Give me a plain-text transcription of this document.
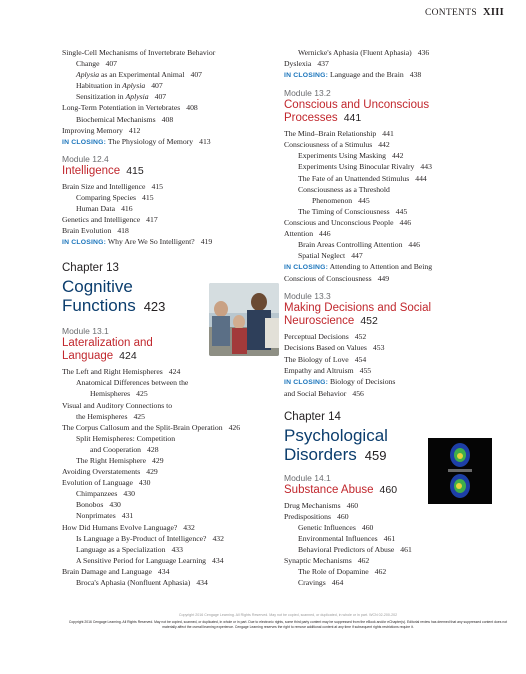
CONTENTS XIII
Single-Cell Mechanisms of Invertebrate Behavior
Change 407
Aplysia as an Experimental Animal 407
Habituation in Aplysia 407
Sensitization in Aplysia 407
Long-Term Potentiation in Vertebrates 408
Biochemical Mechanisms 408
Improving Memory 412
IN CLOSING: The Physiology of Memory 413
Module 12.4
Intelligence 415
Brain Size and Intelligence 415
Comparing Species 415
Human Data 416
Genetics and Intelligence 417
Brain Evolution 418
IN CLOSING: Why Are We So Intelligent? 419
Chapter 13
Cognitive
Functions 423
Module 13.1
Lateralization and
Language 424
The Left and Right Hemispheres 424
Anatomical Differences between the
Hemispheres 425
Visual and Auditory Connections to
the Hemispheres 425
The Corpus Callosum and the Split-Brain Operation 426
Split Hemispheres: Competition
and Cooperation 428
The Right Hemisphere 429
Avoiding Overstatements 429
Evolution of Language 430
Chimpanzees 430
Bonobos 430
Nonprimates 431
How Did Humans Evolve Language? 432
Is Language a By-Product of Intelligence? 432
Language as a Specialization 433
A Sensitive Period for Language Learning 434
Brain Damage and Language 434
Broca's Aphasia (Nonfluent Aphasia) 434
Wernicke's Aphasia (Fluent Aphasia) 436
Dyslexia 437
IN CLOSING: Language and the Brain 438
Module 13.2
Conscious and Unconscious
Processes 441
The Mind–Brain Relationship 441
Consciousness of a Stimulus 442
Experiments Using Masking 442
Experiments Using Binocular Rivalry 443
The Fate of an Unattended Stimulus 444
Consciousness as a Threshold
Phenomenon 445
The Timing of Consciousness 445
Conscious and Unconscious People 446
Attention 446
Brain Areas Controlling Attention 446
Spatial Neglect 447
IN CLOSING: Attending to Attention and Being
Conscious of Consciousness 449
Module 13.3
Making Decisions and Social
Neuroscience 452
Perceptual Decisions 452
Decisions Based on Values 453
The Biology of Love 454
Empathy and Altruism 455
IN CLOSING: Biology of Decisions
and Social Behavior 456
Chapter 14
Psychological
Disorders 459
Module 14.1
Substance Abuse 460
Drug Mechanisms 460
Predispositions 460
Genetic Influences 460
Environmental Influences 461
Behavioral Predictors of Abuse 461
Synaptic Mechanisms 462
The Role of Dopamine 462
Cravings 464
Copyright 2016 Cengage Learning. All Rights Reserved. May not be copied, scanned, or duplicated, in whole or in part. WCN 02-200-202
Copyright 2016 Cengage Learning. All Rights Reserved. May not be copied, scanned, or duplicated, in whole or in part. Due to electronic rights, some third party content may be suppressed from the eBook and/or eChapter(s). Editorial review has deemed that any suppressed content does not materially affect the overall learning experience. Cengage Learning reserves the right to remove additional content at any time if subsequent rights restrictions require it.
